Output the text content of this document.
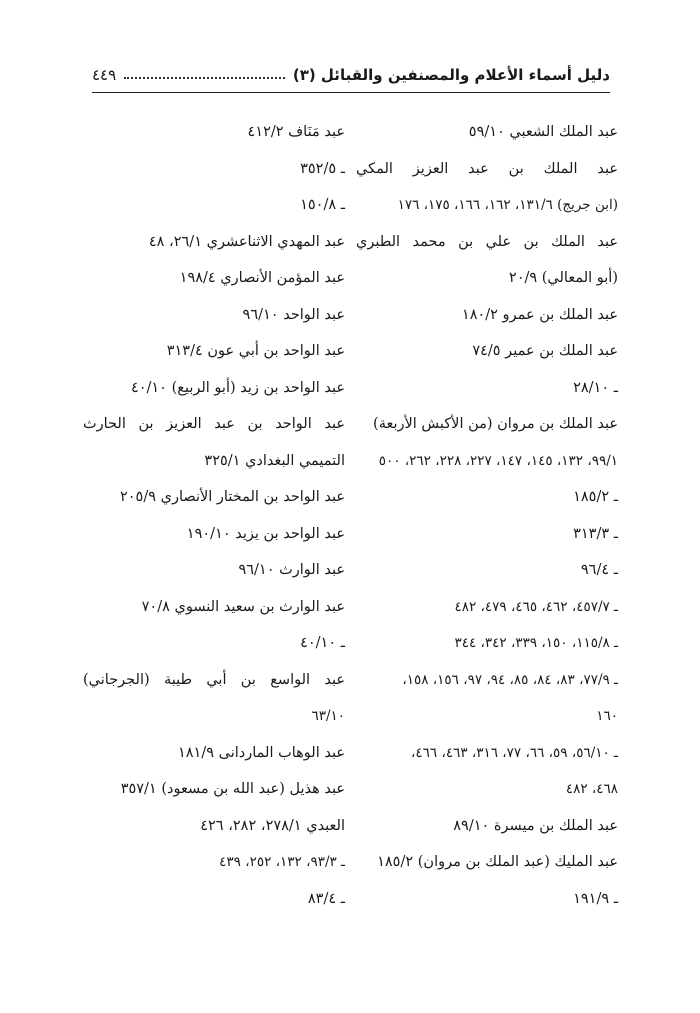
دليل أسماء الأعلام والمصنفين والقبائل (٣)
٤٤٩
عبد الملك الشعبي ٥٩/١٠
عبد الملك بن عبد العزيز المكي
(ابن جريج) ١٣١/٦، ١٦٢، ١٦٦، ١٧٥، ١٧٦
عبد الملك بن علي بن محمد الطبري
(أبو المعالي) ٢٠/٩
عبد الملك بن عمرو ١٨٠/٢
عبد الملك بن عمير ٧٤/٥
ـ ٢٨/١٠
عبد الملك بن مروان (من الأكبش الأربعة)
٩٩/١، ١٣٢، ١٤٥، ١٤٧، ٢٢٧، ٢٢٨، ٢٦٢، ٥٠٠
ـ ١٨٥/٢
ـ ٣١٣/٣
ـ ٩٦/٤
ـ ٤٥٧/٧، ٤٦٢، ٤٦٥، ٤٧٩، ٤٨٢
ـ ١١٥/٨، ١٥٠، ٣٣٩، ٣٤٢، ٣٤٤
ـ ٧٧/٩، ٨٣، ٨٤، ٨٥، ٩٤، ٩٧، ١٥٦، ١٥٨،
١٦٠
ـ ٥٦/١٠، ٥٩، ٦٦، ٧٧، ٣١٦، ٤٦٣، ٤٦٦،
٤٦٨، ٤٨٢
عبد الملك بن ميسرة ٨٩/١٠
عبد المليك (عبد الملك بن مروان) ١٨٥/٢
ـ ١٩١/٩
عبد مَنَاف ٤١٢/٢
ـ ٣٥٢/٥
ـ ١٥٠/٨
عبد المهدي الاثناعشري ٢٦/١، ٤٨
عبد المؤمن الأنصاري ١٩٨/٤
عبد الواحد ٩٦/١٠
عبد الواحد بن أبي عون ٣١٣/٤
عبد الواحد بن زيد (أبو الربيع) ٤٠/١٠
عبد الواحد بن عبد العزيز بن الحارث
التميمي البغدادي ٣٢٥/١
عبد الواحد بن المختار الأنصاري ٢٠٥/٩
عبد الواحد بن يزيد ١٩٠/١٠
عبد الوارث ٩٦/١٠
عبد الوارث بن سعيد النسوي ٧٠/٨
ـ ٤٠/١٠
عبد الواسع بن أبي طيبة (الجرجاني)
٦٣/١٠
عبد الوهاب الماردانى ١٨١/٩
عبد هذيل (عبد الله بن مسعود) ٣٥٧/١
العبدي ٢٧٨/١، ٢٨٢، ٤٢٦
ـ ٩٣/٣، ١٣٢، ٢٥٢، ٤٣٩
ـ ٨٣/٤
